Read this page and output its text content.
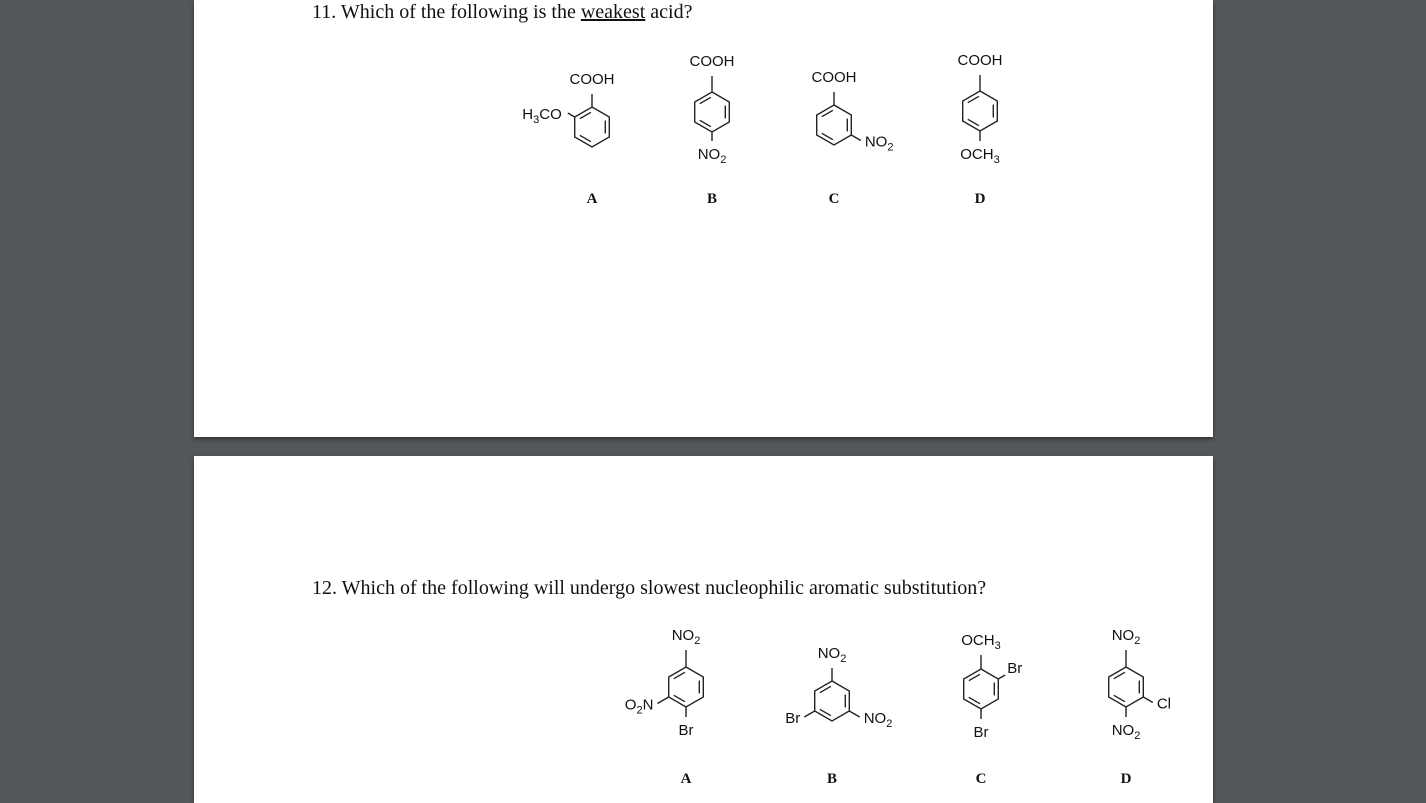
11. Which of the following is the weakest acid?
COOH
$H_3CO$
A
COOH
$NO_2$
B
COOH
$NO_2$
C
COOH
$OCH_3$
D
12. Which of the following will undergo slowest nucleophilic aromatic substitution?
$NO_2$
$O_2N$
Br
A
$NO_2$
Br	$NO_2$
B
$OCH_3$
Br
Br
C
$NO_2$
Cl
$NO_2$
D
